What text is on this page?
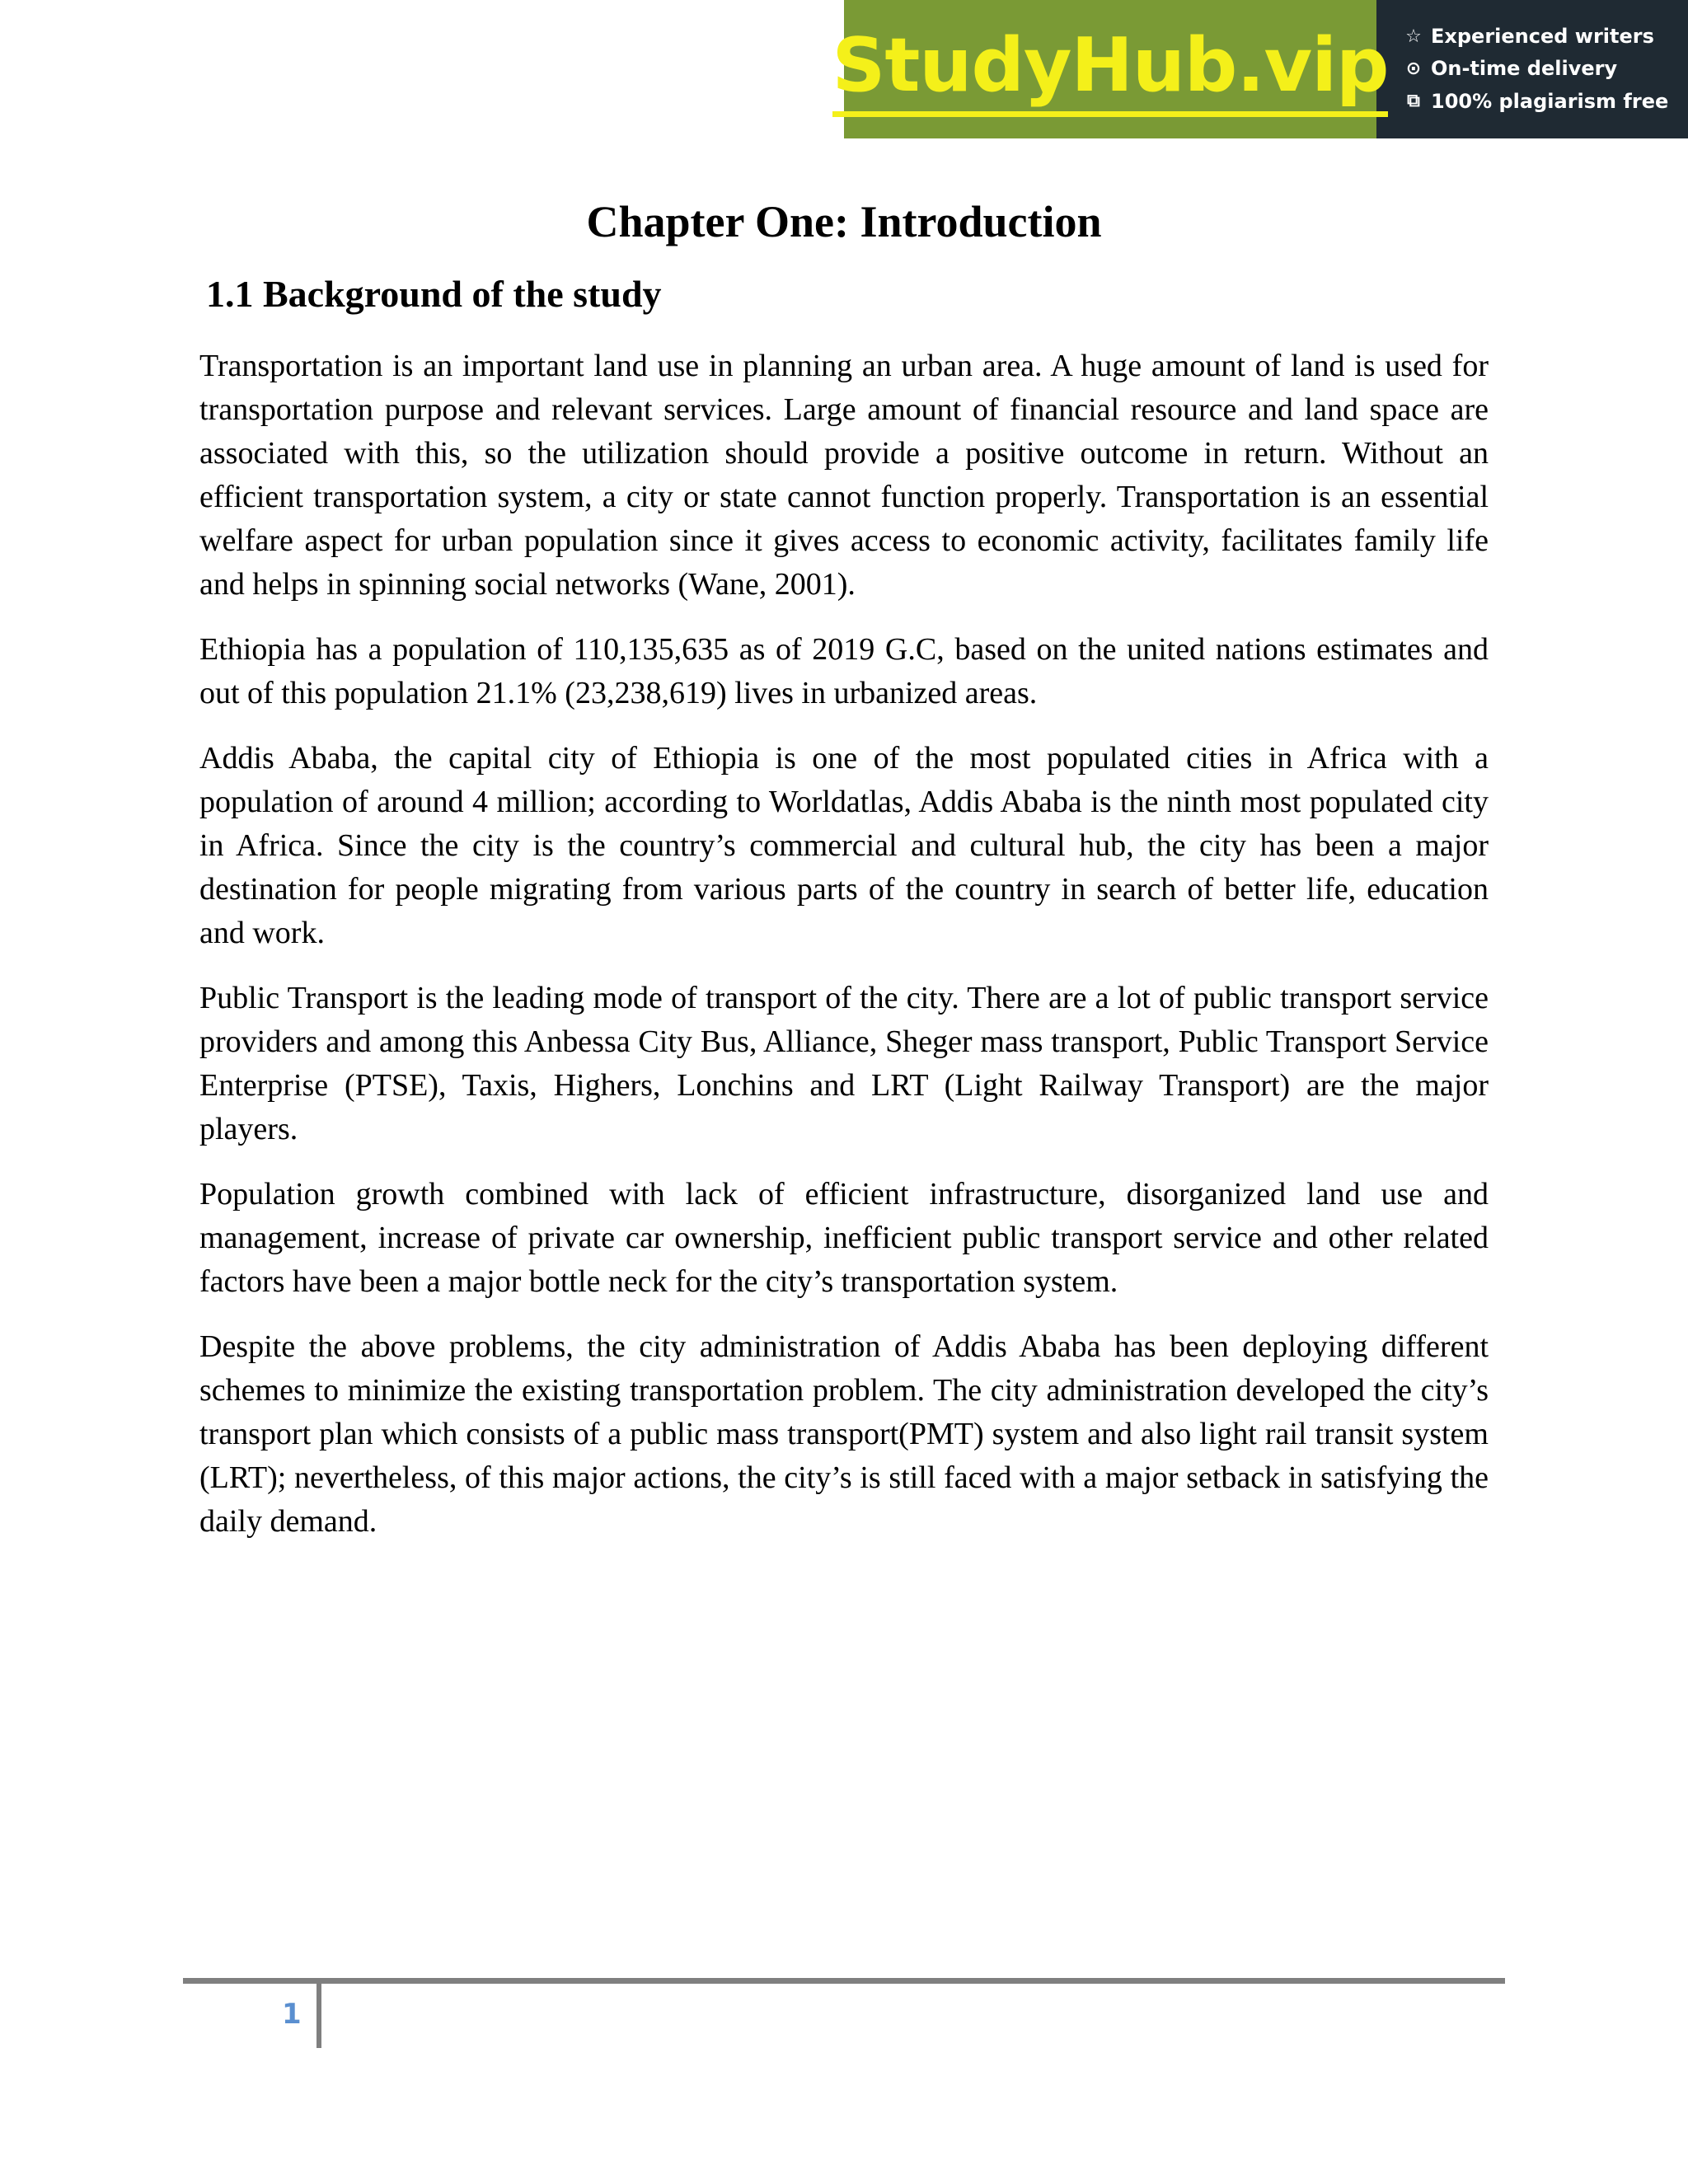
StudyHub.vip ☆ Experienced writers
⊙ On-time delivery
⧉ 100% plagiarism free
Chapter One: Introduction
1.1 Background of the study

Transportation is an important land use in planning an urban area. A huge amount of land is used for transportation purpose and relevant services. Large amount of financial resource and land space are associated with this, so the utilization should provide a positive outcome in return. Without an efficient transportation system, a city or state cannot function properly. Transportation is an essential welfare aspect for urban population since it gives access to economic activity, facilitates family life and helps in spinning social networks (Wane, 2001).

Ethiopia has a population of 110,135,635 as of 2019 G.C, based on the united nations estimates and out of this population 21.1% (23,238,619) lives in urbanized areas.

Addis Ababa, the capital city of Ethiopia is one of the most populated cities in Africa with a population of around 4 million; according to Worldatlas, Addis Ababa is the ninth most populated city in Africa. Since the city is the country’s commercial and cultural hub, the city has been a major destination for people migrating from various parts of the country in search of better life, education and work.

Public Transport is the leading mode of transport of the city. There are a lot of public transport service providers and among this Anbessa City Bus, Alliance, Sheger mass transport, Public Transport Service Enterprise (PTSE), Taxis, Highers, Lonchins and LRT (Light Railway Transport) are the major players.

Population growth combined with lack of efficient infrastructure, disorganized land use and management, increase of private car ownership, inefficient public transport service and other related factors have been a major bottle neck for the city’s transportation system.

Despite the above problems, the city administration of Addis Ababa has been deploying different schemes to minimize the existing transportation problem. The city administration developed the city’s transport plan which consists of a public mass transport(PMT) system and also light rail transit system (LRT); nevertheless, of this major actions, the city’s is still faced with a major setback in satisfying the daily demand.

1
